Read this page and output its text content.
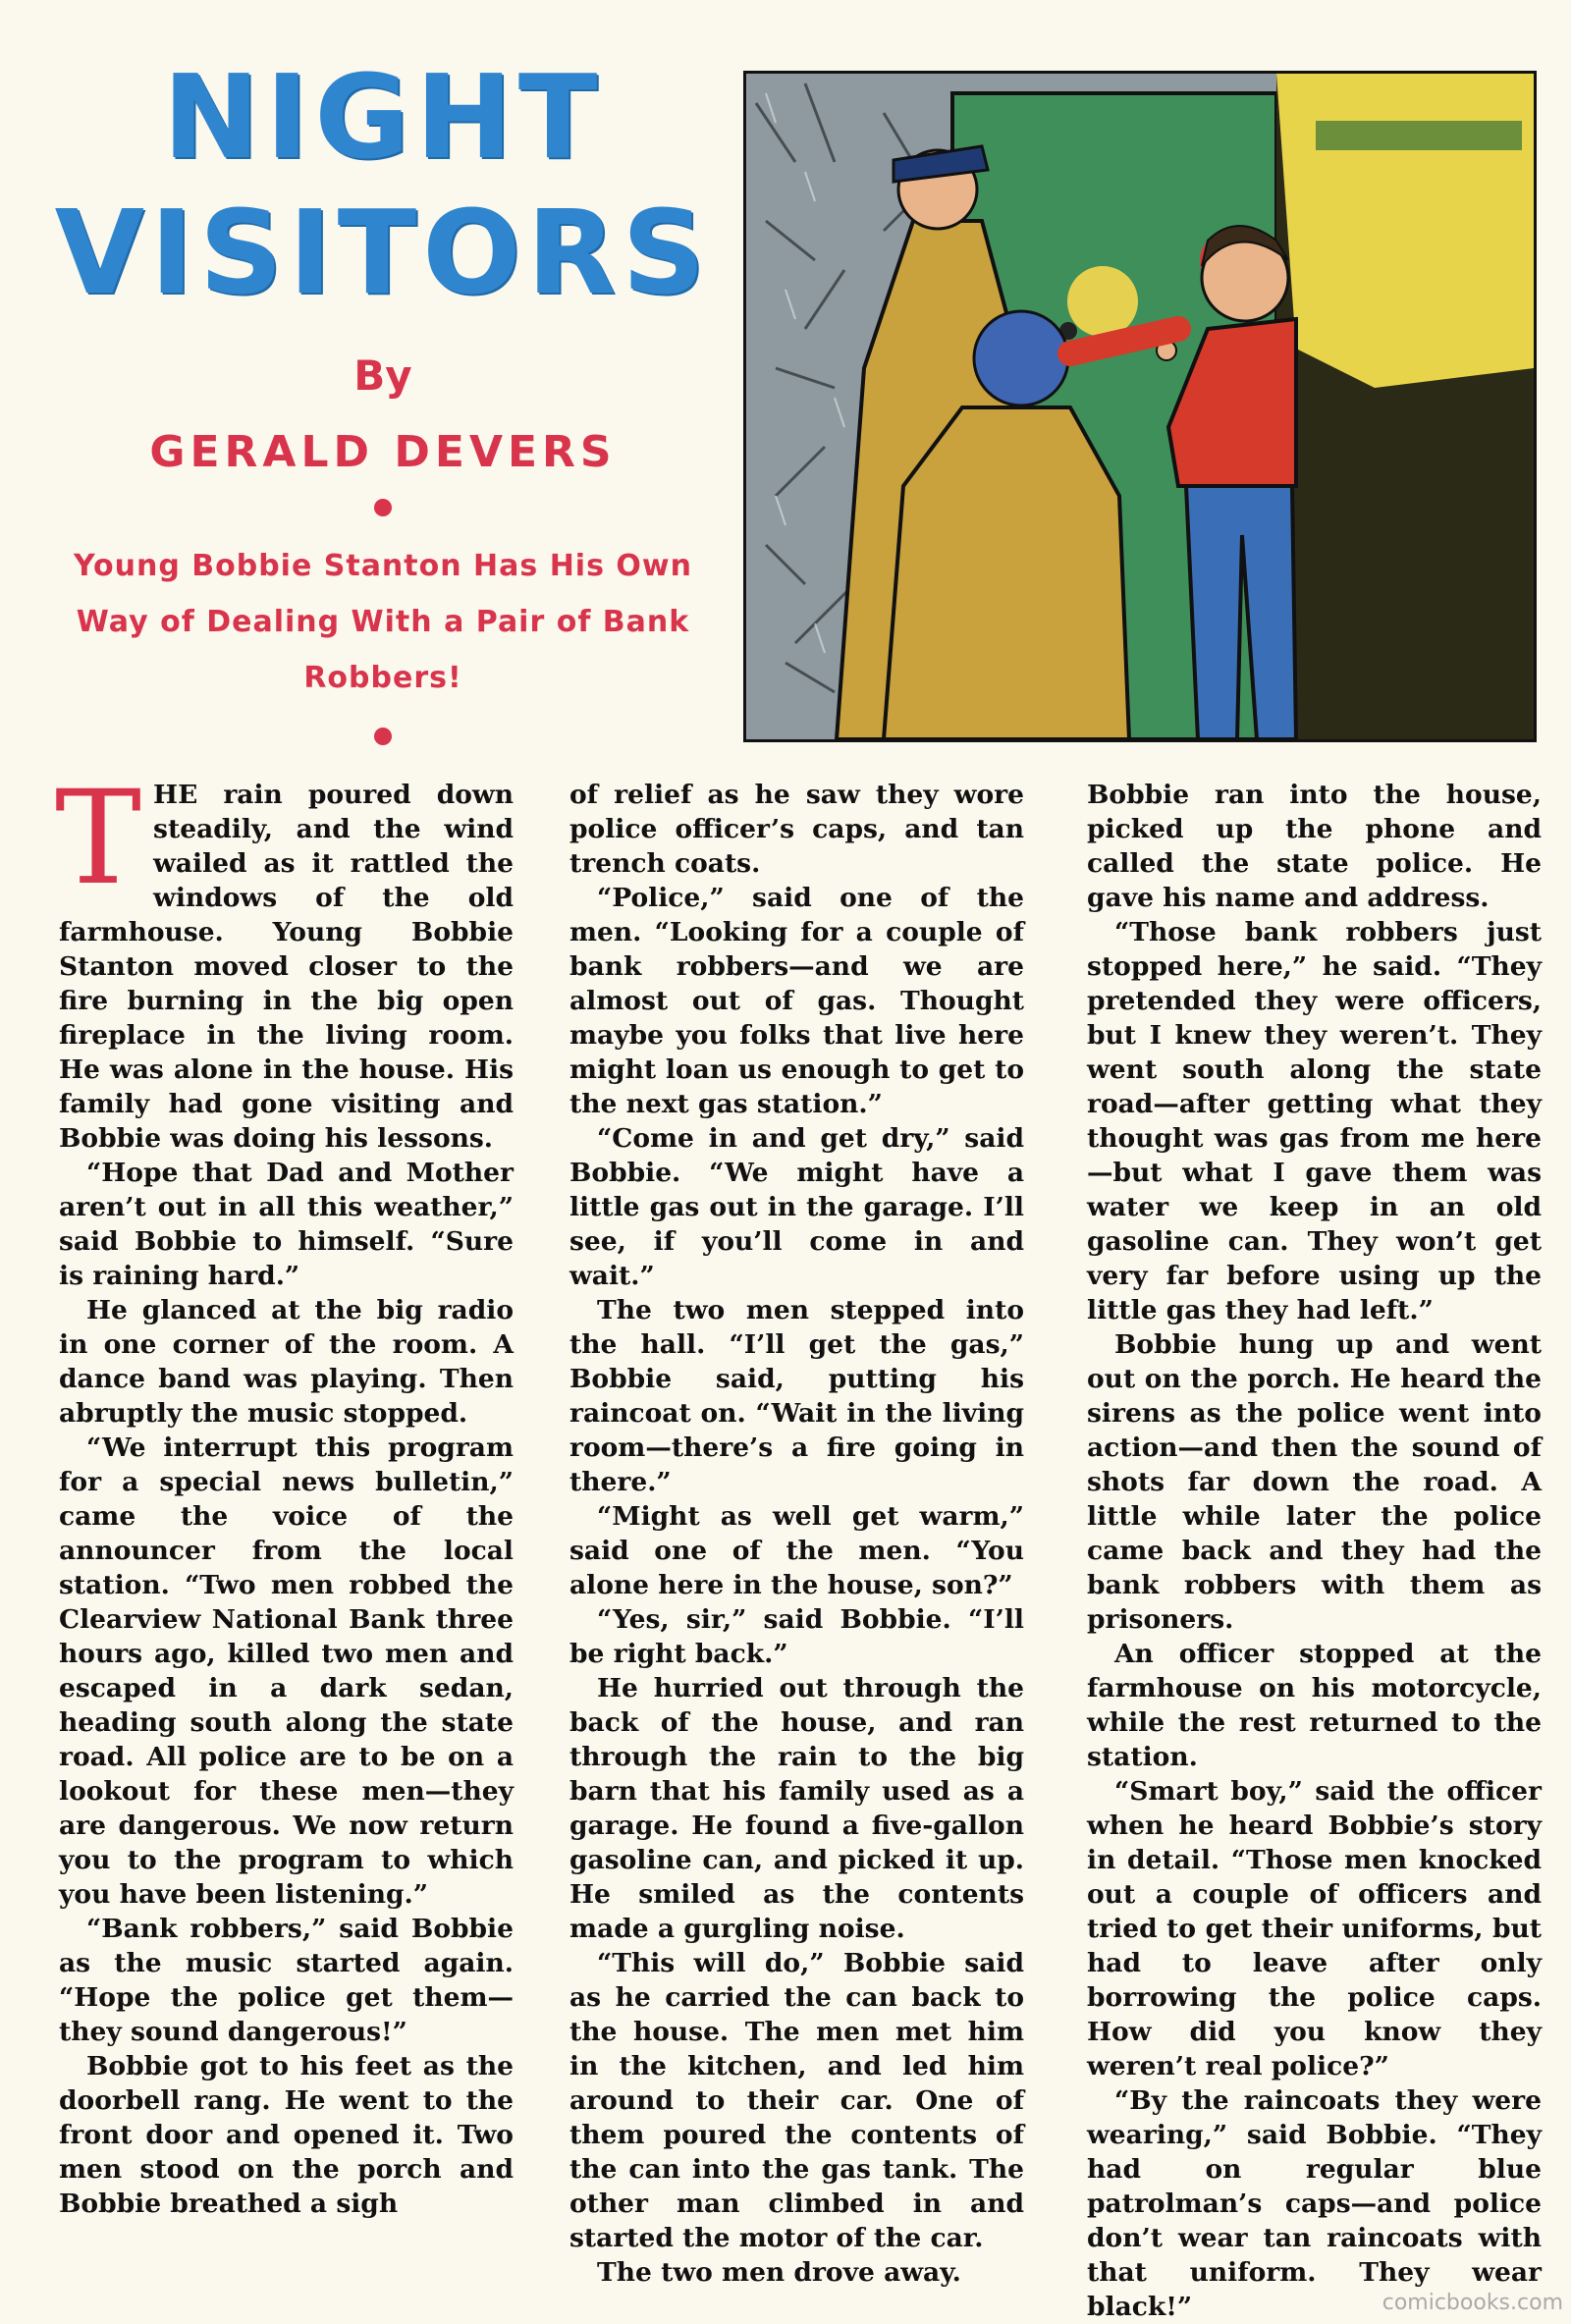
NIGHT
VISITORS
By
GERALD DEVERS
Young Bobbie Stanton Has His Own Way of Dealing With a Pair of Bank Robbers!

THE rain poured down steadily, and the wind wailed as it rattled the windows of the old farmhouse. Young Bobbie Stanton moved closer to the fire burning in the big open fireplace in the living room. He was alone in the house. His family had gone visiting and Bobbie was doing his lessons.

“Hope that Dad and Mother aren’t out in all this weather,” said Bobbie to himself. “Sure is raining hard.”

He glanced at the big radio in one corner of the room. A dance band was playing. Then abruptly the music stopped.

“We interrupt this program for a special news bulletin,” came the voice of the announcer from the local station. “Two men robbed the Clearview National Bank three hours ago, killed two men and escaped in a dark sedan, heading south along the state road. All police are to be on a lookout for these men—they are dangerous. We now return you to the program to which you have been listening.”

“Bank robbers,” said Bobbie as the music started again. “Hope the police get them—they sound dangerous!”

Bobbie got to his feet as the doorbell rang. He went to the front door and opened it. Two men stood on the porch and Bobbie breathed a sigh

of relief as he saw they wore police officer’s caps, and tan trench coats.

“Police,” said one of the men. “Looking for a couple of bank robbers—and we are almost out of gas. Thought maybe you folks that live here might loan us enough to get to the next gas station.”

“Come in and get dry,” said Bobbie. “We might have a little gas out in the garage. I’ll see, if you’ll come in and wait.”

The two men stepped into the hall. “I’ll get the gas,” Bobbie said, putting his raincoat on. “Wait in the living room—there’s a fire going in there.”

“Might as well get warm,” said one of the men. “You alone here in the house, son?”

“Yes, sir,” said Bobbie. “I’ll be right back.”

He hurried out through the back of the house, and ran through the rain to the big barn that his family used as a garage. He found a five-gallon gasoline can, and picked it up. He smiled as the contents made a gurgling noise.

“This will do,” Bobbie said as he carried the can back to the house. The men met him in the kitchen, and led him around to their car. One of them poured the contents of the can into the gas tank. The other man climbed in and started the motor of the car.

The two men drove away.

Bobbie ran into the house, picked up the phone and called the state police. He gave his name and address.

“Those bank robbers just stopped here,” he said. “They pretended they were officers, but I knew they weren’t. They went south along the state road—after getting what they thought was gas from me here—but what I gave them was water we keep in an old gasoline can. They won’t get very far before using up the little gas they had left.”

Bobbie hung up and went out on the porch. He heard the sirens as the police went into action—and then the sound of shots far down the road. A little while later the police came back and they had the bank robbers with them as prisoners.

An officer stopped at the farmhouse on his motorcycle, while the rest returned to the station.

“Smart boy,” said the officer when he heard Bobbie’s story in detail. “Those men knocked out a couple of officers and tried to get their uniforms, but had to leave after only borrowing the police caps. How did you know they weren’t real police?”

“By the raincoats they were wearing,” said Bobbie. “They had on regular blue patrolman’s caps—and police don’t wear tan raincoats with that uniform. They wear black!”	comicbooks.com
